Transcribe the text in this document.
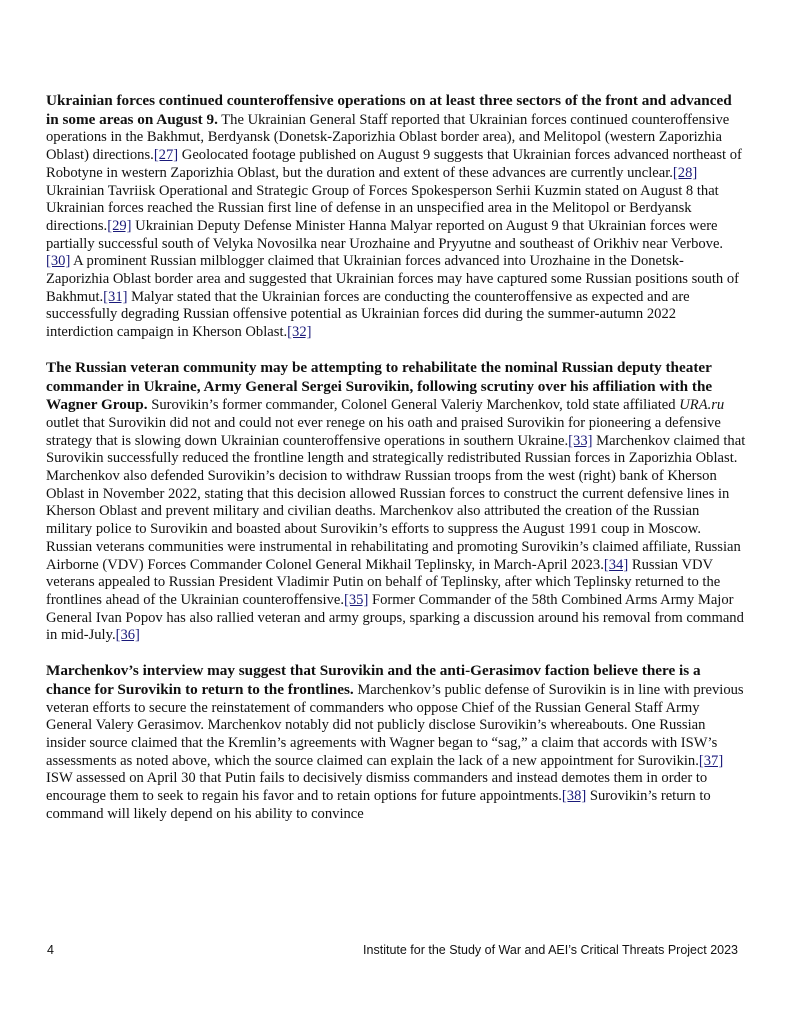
Ukrainian forces continued counteroffensive operations on at least three sectors of the front and advanced in some areas on August 9. The Ukrainian General Staff reported that Ukrainian forces continued counteroffensive operations in the Bakhmut, Berdyansk (Donetsk-Zaporizhia Oblast border area), and Melitopol (western Zaporizhia Oblast) directions.[27] Geolocated footage published on August 9 suggests that Ukrainian forces advanced northeast of Robotyne in western Zaporizhia Oblast, but the duration and extent of these advances are currently unclear.[28] Ukrainian Tavriisk Operational and Strategic Group of Forces Spokesperson Serhii Kuzmin stated on August 8 that Ukrainian forces reached the Russian first line of defense in an unspecified area in the Melitopol or Berdyansk directions.[29] Ukrainian Deputy Defense Minister Hanna Malyar reported on August 9 that Ukrainian forces were partially successful south of Velyka Novosilka near Urozhaine and Pryyutne and southeast of Orikhiv near Verbove.[30] A prominent Russian milblogger claimed that Ukrainian forces advanced into Urozhaine in the Donetsk-Zaporizhia Oblast border area and suggested that Ukrainian forces may have captured some Russian positions south of Bakhmut.[31] Malyar stated that the Ukrainian forces are conducting the counteroffensive as expected and are successfully degrading Russian offensive potential as Ukrainian forces did during the summer-autumn 2022 interdiction campaign in Kherson Oblast.[32]

The Russian veteran community may be attempting to rehabilitate the nominal Russian deputy theater commander in Ukraine, Army General Sergei Surovikin, following scrutiny over his affiliation with the Wagner Group. Surovikin’s former commander, Colonel General Valeriy Marchenkov, told state affiliated URA.ru outlet that Surovikin did not and could not ever renege on his oath and praised Surovikin for pioneering a defensive strategy that is slowing down Ukrainian counteroffensive operations in southern Ukraine.[33] Marchenkov claimed that Surovikin successfully reduced the frontline length and strategically redistributed Russian forces in Zaporizhia Oblast. Marchenkov also defended Surovikin’s decision to withdraw Russian troops from the west (right) bank of Kherson Oblast in November 2022, stating that this decision allowed Russian forces to construct the current defensive lines in Kherson Oblast and prevent military and civilian deaths. Marchenkov also attributed the creation of the Russian military police to Surovikin and boasted about Surovikin’s efforts to suppress the August 1991 coup in Moscow. Russian veterans communities were instrumental in rehabilitating and promoting Surovikin’s claimed affiliate, Russian Airborne (VDV) Forces Commander Colonel General Mikhail Teplinsky, in March-April 2023.[34] Russian VDV veterans appealed to Russian President Vladimir Putin on behalf of Teplinsky, after which Teplinsky returned to the frontlines ahead of the Ukrainian counteroffensive.[35] Former Commander of the 58th Combined Arms Army Major General Ivan Popov has also rallied veteran and army groups, sparking a discussion around his removal from command in mid-July.[36]

Marchenkov’s interview may suggest that Surovikin and the anti-Gerasimov faction believe there is a chance for Surovikin to return to the frontlines. Marchenkov’s public defense of Surovikin is in line with previous veteran efforts to secure the reinstatement of commanders who oppose Chief of the Russian General Staff Army General Valery Gerasimov. Marchenkov notably did not publicly disclose Surovikin’s whereabouts. One Russian insider source claimed that the Kremlin’s agreements with Wagner began to “sag,” a claim that accords with ISW’s assessments as noted above, which the source claimed can explain the lack of a new appointment for Surovikin.[37] ISW assessed on April 30 that Putin fails to decisively dismiss commanders and instead demotes them in order to encourage them to seek to regain his favor and to retain options for future appointments.[38] Surovikin’s return to command will likely depend on his ability to convince

4	Institute for the Study of War and AEI’s Critical Threats Project 2023
